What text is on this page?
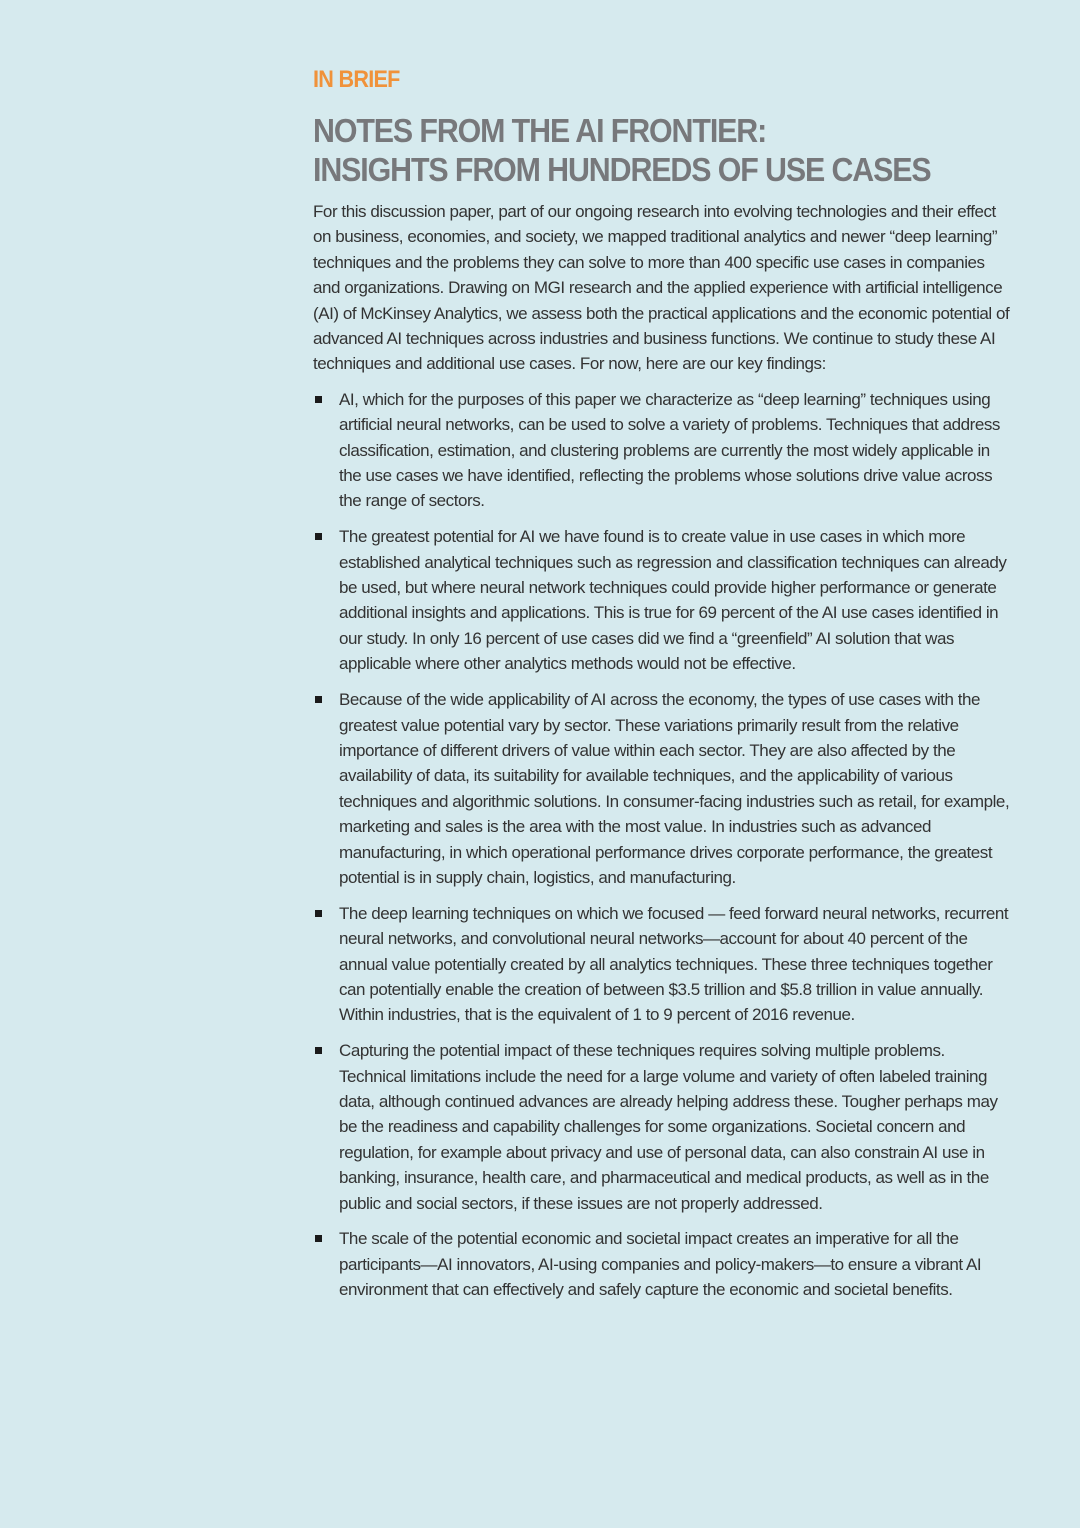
IN BRIEF
NOTES FROM THE AI FRONTIER:
INSIGHTS FROM HUNDREDS OF USE CASES

For this discussion paper, part of our ongoing research into evolving technologies and their effect on business, economies, and society, we mapped traditional analytics and newer “deep learning” techniques and the problems they can solve to more than 400 specific use cases in companies and organizations. Drawing on MGI research and the applied experience with artificial intelligence (AI) of McKinsey Analytics, we assess both the practical applications and the economic potential of advanced AI techniques across industries and business functions. We continue to study these AI techniques and additional use cases. For now, here are our key findings:

AI, which for the purposes of this paper we characterize as “deep learning” techniques using artificial neural networks, can be used to solve a variety of problems. Techniques that address classification, estimation, and clustering problems are currently the most widely applicable in the use cases we have identified, reflecting the problems whose solutions drive value across the range of sectors.
The greatest potential for AI we have found is to create value in use cases in which more established analytical techniques such as regression and classification techniques can already be used, but where neural network techniques could provide higher performance or generate additional insights and applications. This is true for 69 percent of the AI use cases identified in our study. In only 16 percent of use cases did we find a “greenfield” AI solution that was applicable where other analytics methods would not be effective.
Because of the wide applicability of AI across the economy, the types of use cases with the greatest value potential vary by sector. These variations primarily result from the relative importance of different drivers of value within each sector. They are also affected by the availability of data, its suitability for available techniques, and the applicability of various techniques and algorithmic solutions. In consumer-facing industries such as retail, for example, marketing and sales is the area with the most value. In industries such as advanced manufacturing, in which operational performance drives corporate performance, the greatest potential is in supply chain, logistics, and manufacturing.
The deep learning techniques on which we focused — feed forward neural networks, recurrent neural networks, and convolutional neural networks—account for about 40 percent of the annual value potentially created by all analytics techniques. These three techniques together can potentially enable the creation of between $3.5 trillion and $5.8 trillion in value annually. Within industries, that is the equivalent of 1 to 9 percent of 2016 revenue.
Capturing the potential impact of these techniques requires solving multiple problems. Technical limitations include the need for a large volume and variety of often labeled training data, although continued advances are already helping address these. Tougher perhaps may be the readiness and capability challenges for some organizations. Societal concern and regulation, for example about privacy and use of personal data, can also constrain AI use in banking, insurance, health care, and pharmaceutical and medical products, as well as in the public and social sectors, if these issues are not properly addressed.
The scale of the potential economic and societal impact creates an imperative for all the participants—AI innovators, AI-using companies and policy-makers—to ensure a vibrant AI environment that can effectively and safely capture the economic and societal benefits.
